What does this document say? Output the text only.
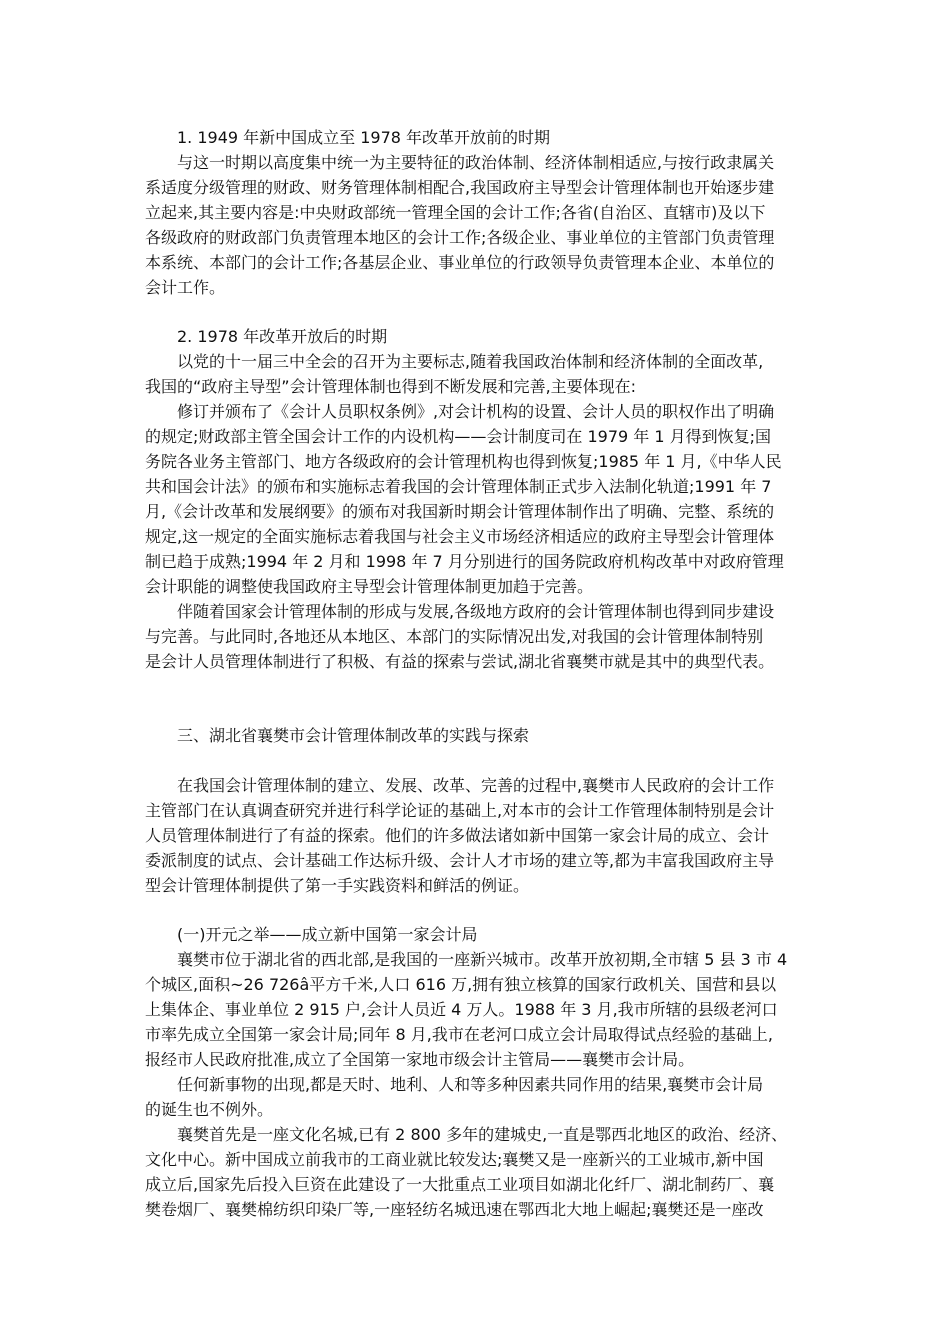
1. 1949 年新中国成立至 1978 年改革开放前的时期
与这一时期以高度集中统一为主要特征的政治体制、经济体制相适应,与按行政隶属关
系适度分级管理的财政、财务管理体制相配合,我国政府主导型会计管理体制也开始逐步建
立起来,其主要内容是:中央财政部统一管理全国的会计工作;各省(自治区、直辖市)及以下
各级政府的财政部门负责管理本地区的会计工作;各级企业、事业单位的主管部门负责管理
本系统、本部门的会计工作;各基层企业、事业单位的行政领导负责管理本企业、本单位的
会计工作。
2. 1978 年改革开放后的时期
以党的十一届三中全会的召开为主要标志,随着我国政治体制和经济体制的全面改革,
我国的“政府主导型”会计管理体制也得到不断发展和完善,主要体现在:
修订并颁布了《会计人员职权条例》,对会计机构的设置、会计人员的职权作出了明确
的规定;财政部主管全国会计工作的内设机构——会计制度司在 1979 年 1 月得到恢复;国
务院各业务主管部门、地方各级政府的会计管理机构也得到恢复;1985 年 1 月,《中华人民
共和国会计法》的颁布和实施标志着我国的会计管理体制正式步入法制化轨道;1991 年 7
月,《会计改革和发展纲要》的颁布对我国新时期会计管理体制作出了明确、完整、系统的
规定,这一规定的全面实施标志着我国与社会主义市场经济相适应的政府主导型会计管理体
制已趋于成熟;1994 年 2 月和 1998 年 7 月分别进行的国务院政府机构改革中对政府管理
会计职能的调整使我国政府主导型会计管理体制更加趋于完善。
伴随着国家会计管理体制的形成与发展,各级地方政府的会计管理体制也得到同步建设
与完善。与此同时,各地还从本地区、本部门的实际情况出发,对我国的会计管理体制特别
是会计人员管理体制进行了积极、有益的探索与尝试,湖北省襄樊市就是其中的典型代表。
三、湖北省襄樊市会计管理体制改革的实践与探索
在我国会计管理体制的建立、发展、改革、完善的过程中,襄樊市人民政府的会计工作
主管部门在认真调查研究并进行科学论证的基础上,对本市的会计工作管理体制特别是会计
人员管理体制进行了有益的探索。他们的许多做法诸如新中国第一家会计局的成立、会计
委派制度的试点、会计基础工作达标升级、会计人才市场的建立等,都为丰富我国政府主导
型会计管理体制提供了第一手实践资料和鲜活的例证。
(一)开元之举——成立新中国第一家会计局
襄樊市位于湖北省的西北部,是我国的一座新兴城市。改革开放初期,全市辖 5 县 3 市 4
个城区,面积~26 726â平方千米,人口 616 万,拥有独立核算的国家行政机关、国营和县以
上集体企、事业单位 2 915 户,会计人员近 4 万人。1988 年 3 月,我市所辖的县级老河口
市率先成立全国第一家会计局;同年 8 月,我市在老河口成立会计局取得试点经验的基础上,
报经市人民政府批准,成立了全国第一家地市级会计主管局——襄樊市会计局。
任何新事物的出现,都是天时、地利、人和等多种因素共同作用的结果,襄樊市会计局
的诞生也不例外。
襄樊首先是一座文化名城,已有 2 800 多年的建城史,一直是鄂西北地区的政治、经济、
文化中心。新中国成立前我市的工商业就比较发达;襄樊又是一座新兴的工业城市,新中国
成立后,国家先后投入巨资在此建设了一大批重点工业项目如湖北化纤厂、湖北制药厂、襄
樊卷烟厂、襄樊棉纺织印染厂等,一座轻纺名城迅速在鄂西北大地上崛起;襄樊还是一座改
